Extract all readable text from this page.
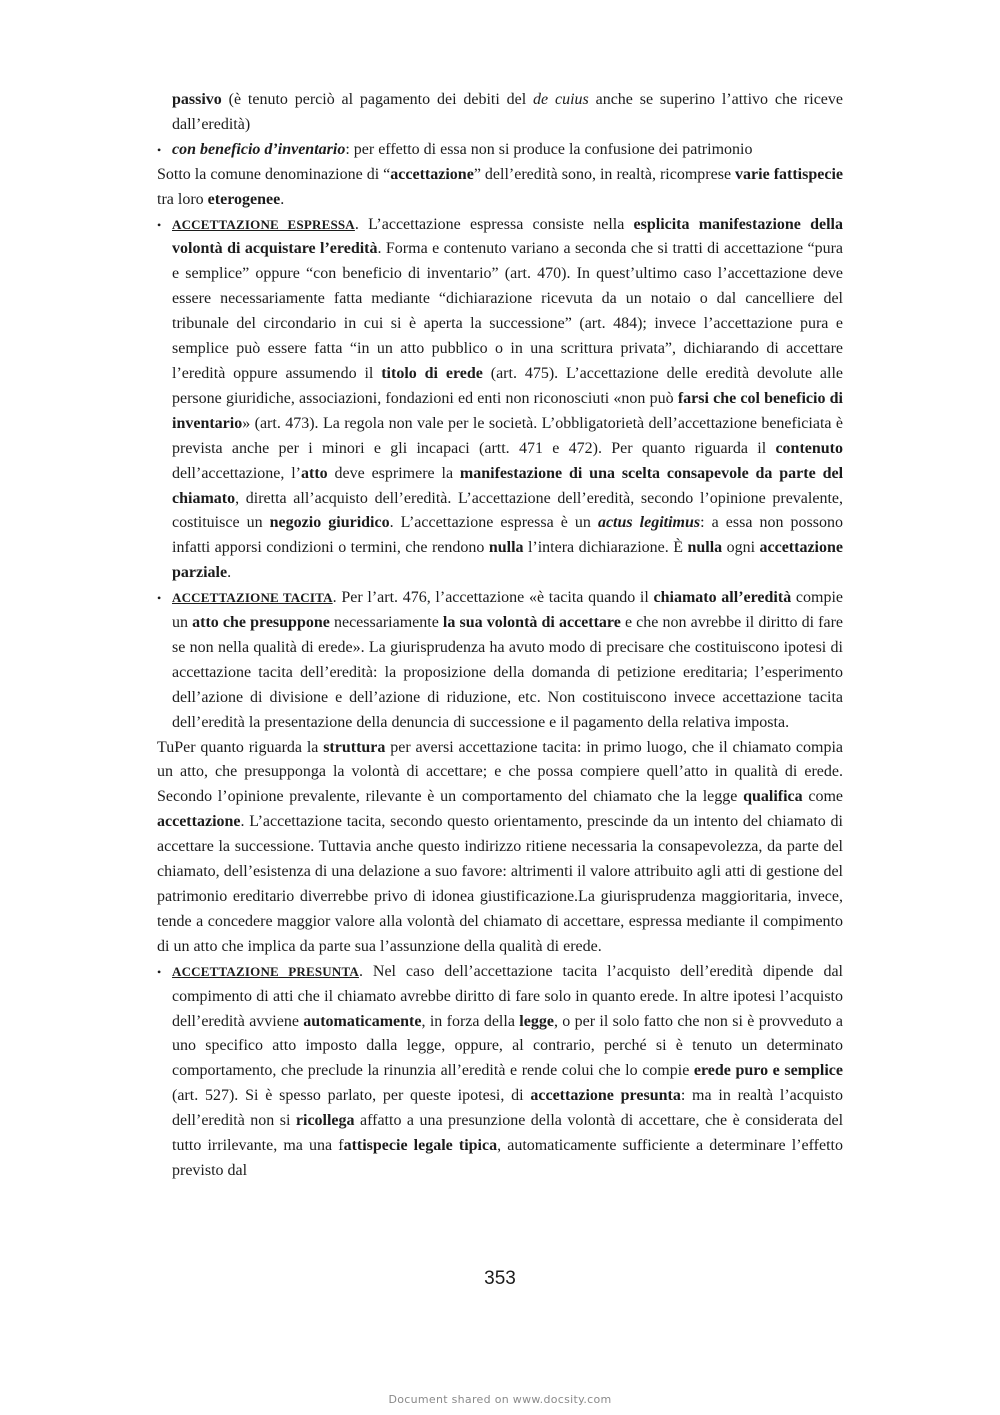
passivo (è tenuto perciò al pagamento dei debiti del de cuius anche se superino l’attivo che riceve dall’eredità)

• con beneficio d’inventario: per effetto di essa non si produce la confusione dei patrimonio

Sotto la comune denominazione di “accettazione” dell’eredità sono, in realtà, ricomprese varie fattispecie tra loro eterogenee.

• ACCETTAZIONE ESPRESSA. L’accettazione espressa consiste nella esplicita manifestazione della volontà di acquistare l’eredità. Forma e contenuto variano a seconda che si tratti di accettazione “pura e semplice” oppure “con beneficio di inventario” (art. 470). In quest’ultimo caso l’accettazione deve essere necessariamente fatta mediante “dichiarazione ricevuta da un notaio o dal cancelliere del tribunale del circondario in cui si è aperta la successione” (art. 484); invece l’accettazione pura e semplice può essere fatta “in un atto pubblico o in una scrittura privata”, dichiarando di accettare l’eredità oppure assumendo il titolo di erede (art. 475). L’accettazione delle eredità devolute alle persone giuridiche, associazioni, fondazioni ed enti non riconosciuti «non può farsi che col beneficio di inventario» (art. 473). La regola non vale per le società. L’obbligatorietà dell’accettazione beneficiata è prevista anche per i minori e gli incapaci (artt. 471 e 472). Per quanto riguarda il contenuto dell’accettazione, l’atto deve esprimere la manifestazione di una scelta consapevole da parte del chiamato, diretta all’acquisto dell’eredità. L’accettazione dell’eredità, secondo l’opinione prevalente, costituisce un negozio giuridico. L’accettazione espressa è un actus legitimus: a essa non possono infatti apporsi condizioni o termini, che rendono nulla l’intera dichiarazione. È nulla ogni accettazione parziale.

• ACCETTAZIONE TACITA. Per l’art. 476, l’accettazione «è tacita quando il chiamato all’eredità compie un atto che presuppone necessariamente la sua volontà di accettare e che non avrebbe il diritto di fare se non nella qualità di erede». La giurisprudenza ha avuto modo di precisare che costituiscono ipotesi di accettazione tacita dell’eredità: la proposizione della domanda di petizione ereditaria; l’esperimento dell’azione di divisione e dell’azione di riduzione, etc. Non costituiscono invece accettazione tacita dell’eredità la presentazione della denuncia di successione e il pagamento della relativa imposta.

TuPer quanto riguarda la struttura per aversi accettazione tacita: in primo luogo, che il chiamato compia un atto, che presupponga la volontà di accettare; e che possa compiere quell’atto in qualità di erede. Secondo l’opinione prevalente, rilevante è un comportamento del chiamato che la legge qualifica come accettazione. L’accettazione tacita, secondo questo orientamento, prescinde da un intento del chiamato di accettare la successione. Tuttavia anche questo indirizzo ritiene necessaria la consapevolezza, da parte del chiamato, dell’esistenza di una delazione a suo favore: altrimenti il valore attribuito agli atti di gestione del patrimonio ereditario diverrebbe privo di idonea giustificazione.La giurisprudenza maggioritaria, invece, tende a concedere maggior valore alla volontà del chiamato di accettare, espressa mediante il compimento di un atto che implica da parte sua l’assunzione della qualità di erede.

• ACCETTAZIONE PRESUNTA. Nel caso dell’accettazione tacita l’acquisto dell’eredità dipende dal compimento di atti che il chiamato avrebbe diritto di fare solo in quanto erede. In altre ipotesi l’acquisto dell’eredità avviene automaticamente, in forza della legge, o per il solo fatto che non si è provveduto a uno specifico atto imposto dalla legge, oppure, al contrario, perché si è tenuto un determinato comportamento, che preclude la rinunzia all’eredità e rende colui che lo compie erede puro e semplice (art. 527). Si è spesso parlato, per queste ipotesi, di accettazione presunta: ma in realtà l’acquisto dell’eredità non si ricollega affatto a una presunzione della volontà di accettare, che è considerata del tutto irrilevante, ma una fattispecie legale tipica, automaticamente sufficiente a determinare l’effetto previsto dal

353
Document shared on www.docsity.com
